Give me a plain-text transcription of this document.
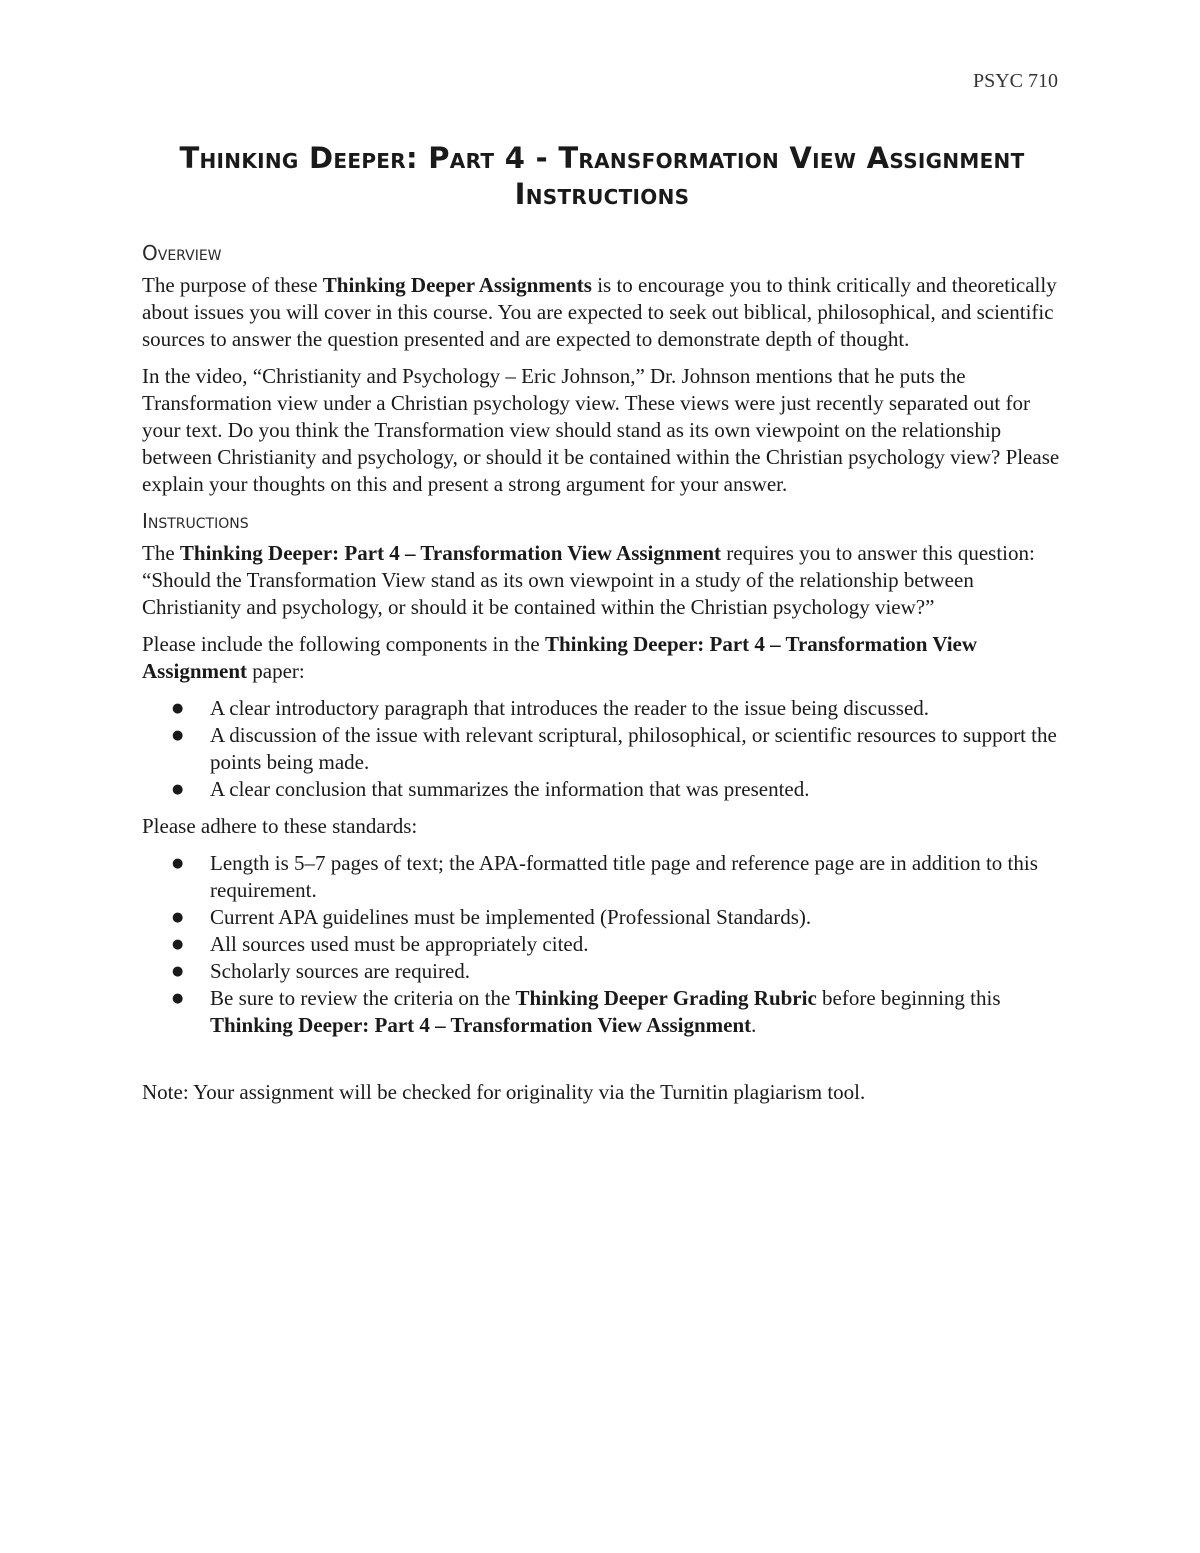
PSYC 710
Thinking Deeper: Part 4 - Transformation View Assignment Instructions
Overview

The purpose of these Thinking Deeper Assignments is to encourage you to think critically and theoretically about issues you will cover in this course. You are expected to seek out biblical, philosophical, and scientific sources to answer the question presented and are expected to demonstrate depth of thought.

In the video, “Christianity and Psychology – Eric Johnson,” Dr. Johnson mentions that he puts the Transformation view under a Christian psychology view. These views were just recently separated out for your text. Do you think the Transformation view should stand as its own viewpoint on the relationship between Christianity and psychology, or should it be contained within the Christian psychology view? Please explain your thoughts on this and present a strong argument for your answer.

Instructions

The Thinking Deeper: Part 4 – Transformation View Assignment requires you to answer this question: “Should the Transformation View stand as its own viewpoint in a study of the relationship between Christianity and psychology, or should it be contained within the Christian psychology view?”

Please include the following components in the Thinking Deeper: Part 4 – Transformation View Assignment paper:

● A clear introductory paragraph that introduces the reader to the issue being discussed.
● A discussion of the issue with relevant scriptural, philosophical, or scientific resources to support the points being made.
● A clear conclusion that summarizes the information that was presented.

Please adhere to these standards:

● Length is 5–7 pages of text; the APA-formatted title page and reference page are in addition to this requirement.
● Current APA guidelines must be implemented (Professional Standards).
● All sources used must be appropriately cited.
● Scholarly sources are required.
● Be sure to review the criteria on the Thinking Deeper Grading Rubric before beginning this Thinking Deeper: Part 4 – Transformation View Assignment.

Note: Your assignment will be checked for originality via the Turnitin plagiarism tool.
